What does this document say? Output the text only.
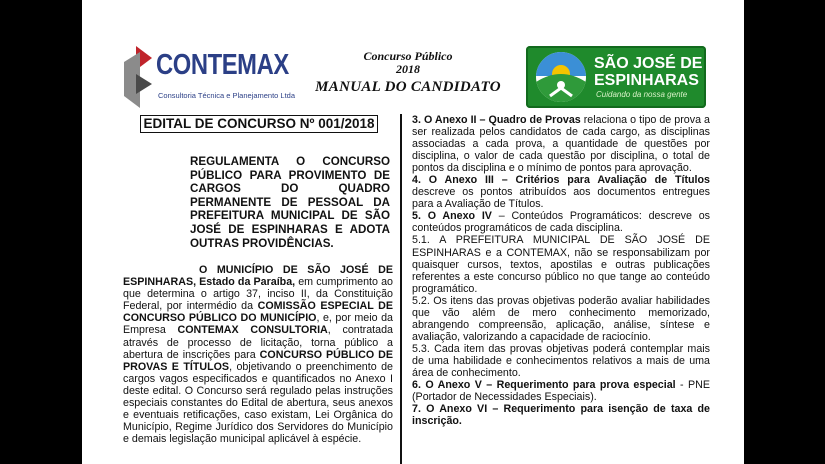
CONTEMAX
Consultoria Técnica e Planejamento Ltda
Concurso Público
2018
MANUAL DO CANDIDATO
SÃO JOSÉ DE
ESPINHARAS
Cuidando da nossa gente
EDITAL DE CONCURSO Nº 001/2018
REGULAMENTA O CONCURSO PÚBLICO PARA PROVIMENTO DE CARGOS DO QUADRO PERMANENTE DE PESSOAL DA PREFEITURA MUNICIPAL DE SÃO JOSÉ DE ESPINHARAS E ADOTA OUTRAS PROVIDÊNCIAS.

O MUNICÍPIO DE SÃO JOSÉ DE ESPINHARAS, Estado da Paraíba, em cumprimento ao que determina o artigo 37, inciso II, da Constituição Federal, por intermédio da COMISSÃO ESPECIAL DE CONCURSO PÚBLICO DO MUNICÍPIO, e, por meio da Empresa CONTEMAX CONSULTORIA, contratada através de processo de licitação, torna público a abertura de inscrições para CONCURSO PÚBLICO DE PROVAS E TÍTULOS, objetivando o preenchimento de cargos vagos especificados e quantificados no Anexo I deste edital. O Concurso será regulado pelas instruções especiais constantes do Edital de abertura, seus anexos e eventuais retificações, caso existam, Lei Orgânica do Município, Regime Jurídico dos Servidores do Município e demais legislação municipal aplicável à espécie.

3. O Anexo II – Quadro de Provas relaciona o tipo de prova a ser realizada pelos candidatos de cada cargo, as disciplinas associadas a cada prova, a quantidade de questões por disciplina, o valor de cada questão por disciplina, o total de pontos da disciplina e o mínimo de pontos para aprovação.

4. O Anexo III – Critérios para Avaliação de Títulos descreve os pontos atribuídos aos documentos entregues para a Avaliação de Títulos.

5. O Anexo IV – Conteúdos Programáticos: descreve os conteúdos programáticos de cada disciplina.

5.1. A PREFEITURA MUNICIPAL DE SÃO JOSÉ DE ESPINHARAS e a CONTEMAX, não se responsabilizam por quaisquer cursos, textos, apostilas e outras publicações referentes a este concurso público no que tange ao conteúdo programático.

5.2. Os itens das provas objetivas poderão avaliar habilidades que vão além de mero conhecimento memorizado, abrangendo compreensão, aplicação, análise, síntese e avaliação, valorizando a capacidade de raciocínio.

5.3. Cada item das provas objetivas poderá contemplar mais de uma habilidade e conhecimentos relativos a mais de uma área de conhecimento.

6. O Anexo V – Requerimento para prova especial - PNE (Portador de Necessidades Especiais).

7. O Anexo VI – Requerimento para isenção de taxa de inscrição.
